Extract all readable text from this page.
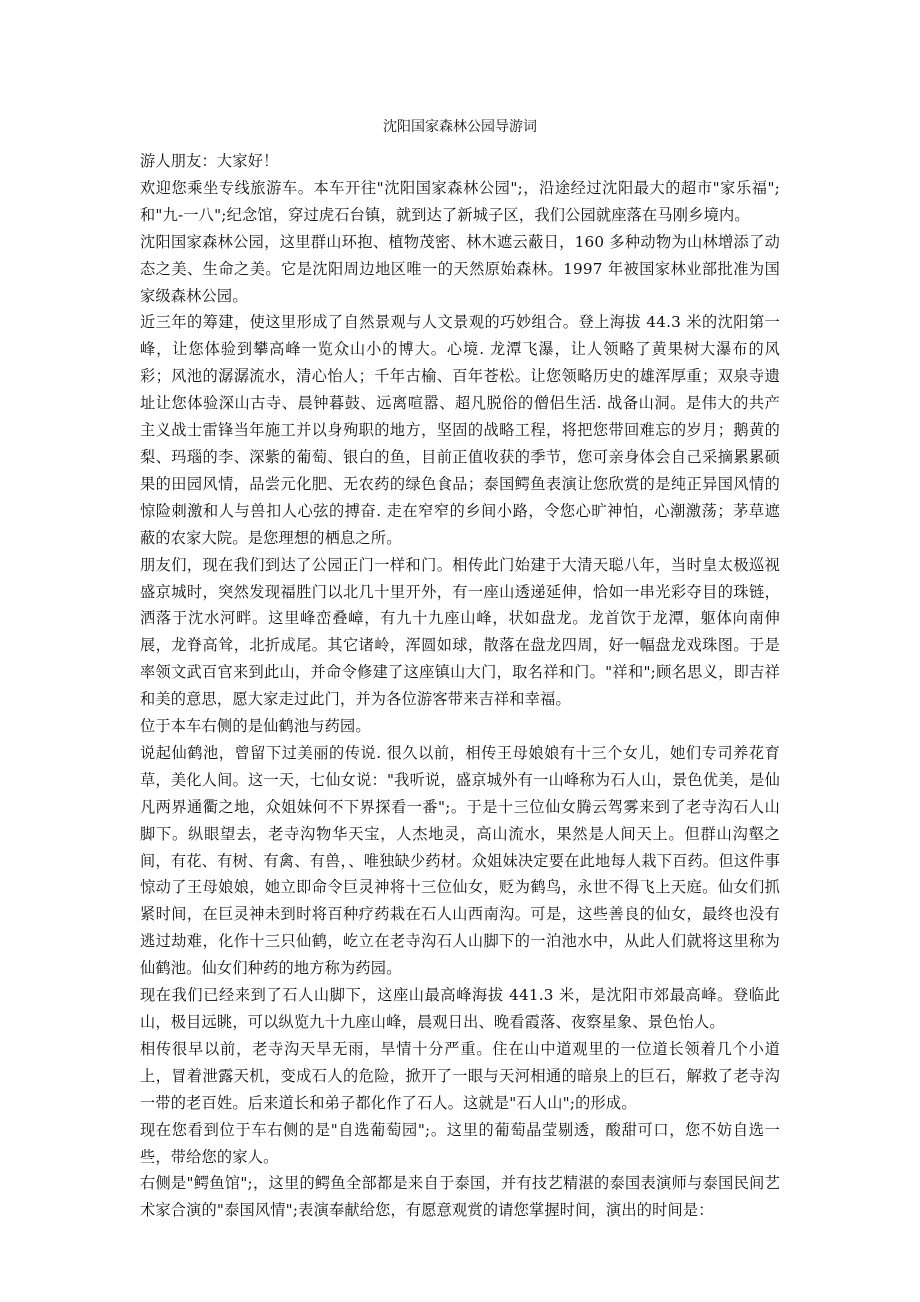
沈阳国家森林公园导游词

游人朋友：大家好！

欢迎您乘坐专线旅游车。本车开往"沈阳国家森林公园";，沿途经过沈阳最大的超市"家乐福";和"九-一八";纪念馆，穿过虎石台镇，就到达了新城子区，我们公园就座落在马刚乡境内。

沈阳国家森林公园，这里群山环抱、植物茂密、林木遮云蔽日，160 多种动物为山林增添了动态之美、生命之美。它是沈阳周边地区唯一的天然原始森林。1997 年被国家林业部批准为国家级森林公园。

近三年的筹建，使这里形成了自然景观与人文景观的巧妙组合。登上海拔 44.3 米的沈阳第一峰，让您体验到攀高峰一览众山小的博大。心境. 龙潭飞瀑，让人领略了黄果树大瀑布的风彩；风池的潺潺流水，清心怡人；千年古榆、百年苍松。让您领略历史的雄浑厚重；双泉寺遗址让您体验深山古寺、晨钟暮鼓、远离喧嚣、超凡脱俗的僧侣生活. 战备山洞。是伟大的共产主义战士雷锋当年施工并以身殉职的地方，坚固的战略工程，将把您带回难忘的岁月；鹅黄的梨、玛瑙的李、深紫的葡萄、银白的鱼，目前正值收获的季节，您可亲身体会自己采摘累累硕果的田园风情，品尝元化肥、无农药的绿色食品；泰国鳄鱼表演让您欣赏的是纯正异国风情的惊险刺激和人与兽扣人心弦的搏奋. 走在窄窄的乡间小路，令您心旷神怕，心潮激荡；茅草遮蔽的农家大院。是您理想的栖息之所。

朋友们，现在我们到达了公园正门一样和门。相传此门始建于大清天聪八年，当时皇太极巡视盛京城时，突然发现福胜门以北几十里开外，有一座山透递延伸，恰如一串光彩夺目的珠链，洒落于沈水河畔。这里峰峦叠嶂，有九十九座山峰，状如盘龙。龙首饮于龙潭，躯体向南伸展，龙脊高耸，北折成尾。其它诸岭，浑圆如球，散落在盘龙四周，好一幅盘龙戏珠图。于是率领文武百官来到此山，并命令修建了这座镇山大门，取名祥和门。"祥和";顾名思义，即吉祥和美的意思，愿大家走过此门，并为各位游客带来吉祥和幸福。

位于本车右侧的是仙鹤池与药园。

说起仙鹤池，曾留下过美丽的传说. 很久以前，相传王母娘娘有十三个女儿，她们专司养花育草，美化人间。这一天，七仙女说："我听说，盛京城外有一山峰称为石人山，景色优美，是仙凡两界通衢之地，众姐妹何不下界探看一番";。于是十三位仙女腾云驾雾来到了老寺沟石人山脚下。纵眼望去，老寺沟物华天宝，人杰地灵，高山流水，果然是人间天上。但群山沟壑之间，有花、有树、有禽、有兽，、唯独缺少药材。众姐妹决定要在此地每人栽下百药。但这件事惊动了王母娘娘，她立即命令巨灵神将十三位仙女，贬为鹤鸟，永世不得飞上天庭。仙女们抓紧时间，在巨灵神未到时将百种疗药栽在石人山西南沟。可是，这些善良的仙女，最终也没有逃过劫难，化作十三只仙鹤，屹立在老寺沟石人山脚下的一泊池水中，从此人们就将这里称为仙鹤池。仙女们种药的地方称为药园。

现在我们已经来到了石人山脚下，这座山最高峰海拔 441.3 米，是沈阳市郊最高峰。登临此山，极目远眺，可以纵览九十九座山峰，晨观日出、晚看霞落、夜察星象、景色怡人。

相传很早以前，老寺沟天旱无雨，旱情十分严重。住在山中道观里的一位道长领着几个小道上，冒着泄露天机，变成石人的危险，掀开了一眼与天河相通的暗泉上的巨石，解救了老寺沟一带的老百姓。后来道长和弟子都化作了石人。这就是"石人山";的形成。

现在您看到位于车右侧的是"自选葡萄园";。这里的葡萄晶莹剔透，酸甜可口，您不妨自选一些，带给您的家人。

右侧是"鳄鱼馆";，这里的鳄鱼全部都是来自于泰国，并有技艺精湛的泰国表演师与泰国民间艺术家合演的"泰国风情";表演奉献给您，有愿意观赏的请您掌握时间，演出的时间是：
